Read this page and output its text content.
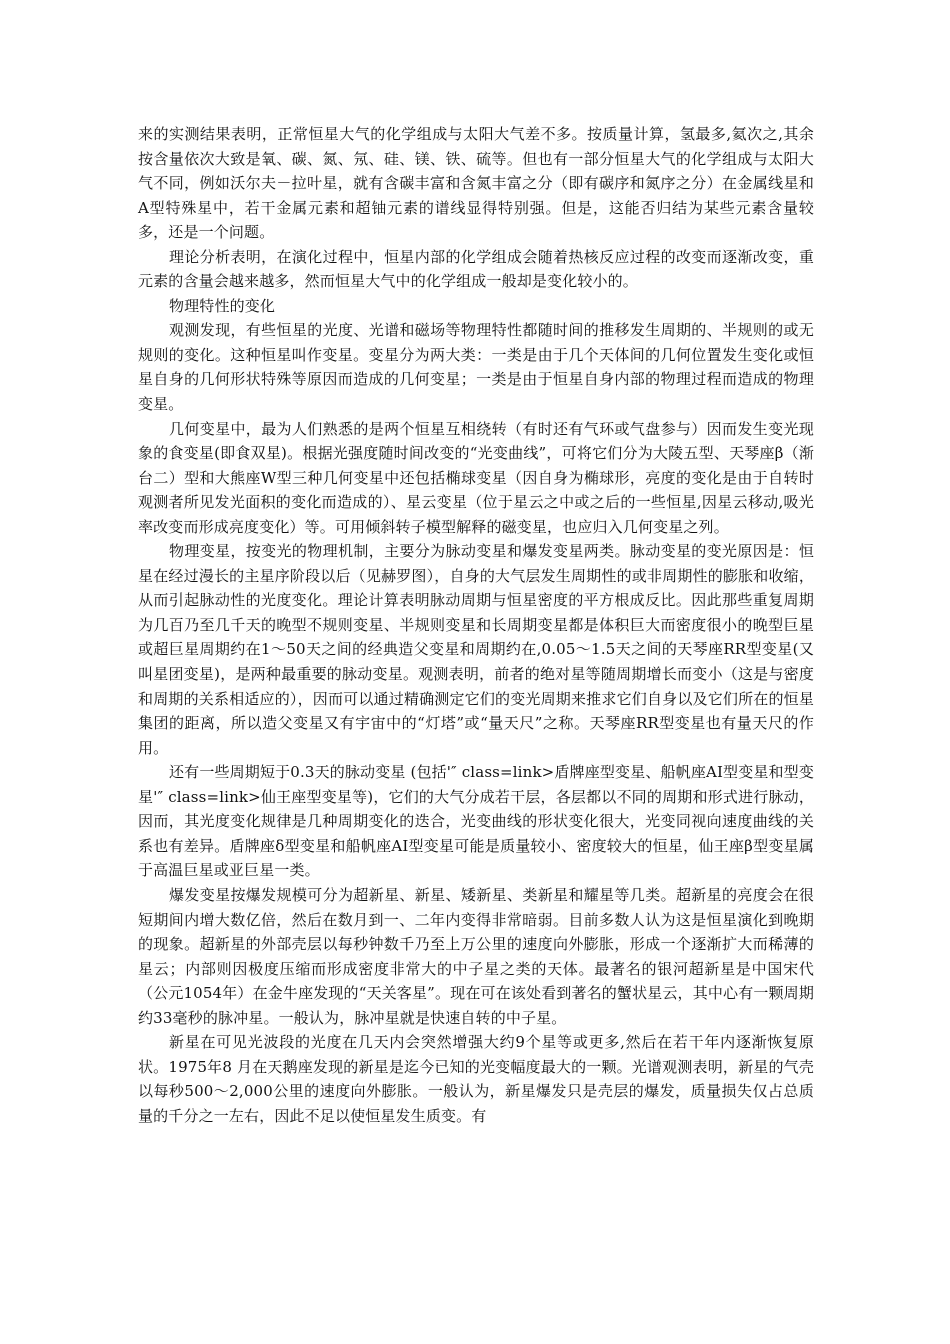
来的实测结果表明，正常恒星大气的化学组成与太阳大气差不多。按质量计算，氢最多,氦次之,其余按含量依次大致是氧、碳、氮、氖、硅、镁、铁、硫等。但也有一部分恒星大气的化学组成与太阳大气不同，例如沃尔夫－拉叶星，就有含碳丰富和含氮丰富之分（即有碳序和氮序之分）在金属线星和A型特殊星中，若干金属元素和超铀元素的谱线显得特别强。但是，这能否归结为某些元素含量较多，还是一个问题。

理论分析表明，在演化过程中，恒星内部的化学组成会随着热核反应过程的改变而逐渐改变，重元素的含量会越来越多，然而恒星大气中的化学组成一般却是变化较小的。

物理特性的变化

观测发现，有些恒星的光度、光谱和磁场等物理特性都随时间的推移发生周期的、半规则的或无规则的变化。这种恒星叫作变星。变星分为两大类：一类是由于几个天体间的几何位置发生变化或恒星自身的几何形状特殊等原因而造成的几何变星；一类是由于恒星自身内部的物理过程而造成的物理变星。

几何变星中，最为人们熟悉的是两个恒星互相绕转（有时还有气环或气盘参与）因而发生变光现象的食变星(即食双星)。根据光强度随时间改变的“光变曲线”，可将它们分为大陵五型、天琴座β（渐台二）型和大熊座W型三种几何变星中还包括椭球变星（因自身为椭球形，亮度的变化是由于自转时观测者所见发光面积的变化而造成的）、星云变星（位于星云之中或之后的一些恒星,因星云移动,吸光率改变而形成亮度变化）等。可用倾斜转子模型解释的磁变星，也应归入几何变星之列。

物理变星，按变光的物理机制，主要分为脉动变星和爆发变星两类。脉动变星的变光原因是：恒星在经过漫长的主星序阶段以后（见赫罗图），自身的大气层发生周期性的或非周期性的膨胀和收缩，从而引起脉动性的光度变化。理论计算表明脉动周期与恒星密度的平方根成反比。因此那些重复周期为几百乃至几千天的晚型不规则变星、半规则变星和长周期变星都是体积巨大而密度很小的晚型巨星或超巨星周期约在1～50天之间的经典造父变星和周期约在,0.05～1.5天之间的天琴座RR型变星(又叫星团变星)，是两种最重要的脉动变星。观测表明，前者的绝对星等随周期增长而变小（这是与密度和周期的关系相适应的），因而可以通过精确测定它们的变光周期来推求它们自身以及它们所在的恒星集团的距离，所以造父变星又有宇宙中的“灯塔”或“量天尺”之称。天琴座RR型变星也有量天尺的作用。

还有一些周期短于0.3天的脉动变星 (包括'″ class=link>盾牌座型变星、船帆座AI型变星和型变星'″ class=link>仙王座型变星等)，它们的大气分成若干层，各层都以不同的周期和形式进行脉动，因而，其光度变化规律是几种周期变化的迭合，光变曲线的形状变化很大，光变同视向速度曲线的关系也有差异。盾牌座δ型变星和船帆座AI型变星可能是质量较小、密度较大的恒星，仙王座β型变星属于高温巨星或亚巨星一类。

爆发变星按爆发规模可分为超新星、新星、矮新星、类新星和耀星等几类。超新星的亮度会在很短期间内增大数亿倍，然后在数月到一、二年内变得非常暗弱。目前多数人认为这是恒星演化到晚期的现象。超新星的外部壳层以每秒钟数千乃至上万公里的速度向外膨胀，形成一个逐渐扩大而稀薄的星云；内部则因极度压缩而形成密度非常大的中子星之类的天体。最著名的银河超新星是中国宋代（公元1054年）在金牛座发现的“天关客星”。现在可在该处看到著名的蟹状星云，其中心有一颗周期约33毫秒的脉冲星。一般认为，脉冲星就是快速自转的中子星。

新星在可见光波段的光度在几天内会突然增强大约9个星等或更多,然后在若干年内逐渐恢复原状。1975年8 月在天鹅座发现的新星是迄今已知的光变幅度最大的一颗。光谱观测表明，新星的气壳以每秒500～2,000公里的速度向外膨胀。一般认为，新星爆发只是壳层的爆发，质量损失仅占总质量的千分之一左右，因此不足以使恒星发生质变。有
